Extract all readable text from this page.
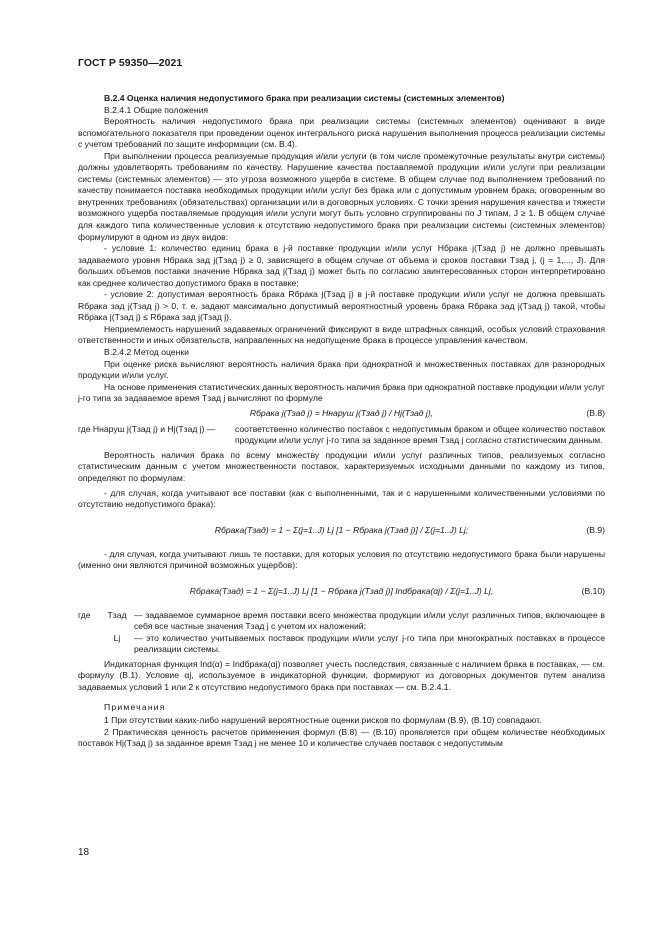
ГОСТ Р 59350—2021

В.2.4 Оценка наличия недопустимого брака при реализации системы (системных элементов)

В.2.4.1 Общие положения

Вероятность наличия недопустимого брака при реализации системы (системных элементов) оценивают в виде вспомогательного показателя при проведении оценок интегрального риска нарушения выполнения процесса реализации системы с учетом требований по защите информации (см. В.4).

При выполнении процесса реализуемые продукция и/или услуги (в том числе промежуточные результаты внутри системы) должны удовлетворять требованиям по качеству. Нарушение качества поставляемой продукции и/или услуги при реализации системы (системных элементов) — это угроза возможного ущерба в системе. В общем случае под выполнением требований по качеству понимается поставка необходимых продукции и/или услуг без брака или с допустимым уровнем брака, оговоренным во внутренних требованиях (обязательствах) организации или в договорных условиях. С точки зрения нарушения качества и тяжести возможного ущерба поставляемые продукция и/или услуги могут быть условно сгруппированы по J типам, J ≥ 1. В общем случае для каждого типа количественные условия к отсутствию недопустимого брака при реализации системы (системных элементов) формулируют в одном из двух видов:

- условие 1: количество единиц брака в j-й поставке продукции и/или услуг Hбрака j(Tзад j) не должно превышать задаваемого уровня Hбрака зад j(Tзад j) ≥ 0, зависящего в общем случае от объема и сроков поставки Tзад j, (j = 1,..., J). Для больших объемов поставки значение Hбрака зад j(Tзад j) может быть по согласию заинтересованных сторон интерпретировано как среднее количество допустимого брака в поставке;

- условие 2: допустимая вероятность брака Rбрака j(Tзад j) в j-й поставке продукции и/или услуг не должна превышать Rбрака зад j(Tзад j) > 0, т. е. задают максимально допустимый вероятностный уровень брака Rбрака зад j(Tзад j) такой, чтобы Rбрака j(Tзад j) ≤ Rбрака зад j(Tзад j).

Неприемлемость нарушений задаваемых ограничений фиксируют в виде штрафных санкций, особых условий страхования ответственности и иных обязательств, направленных на недопущение брака в процессе управления качеством.

В.2.4.2 Метод оценки

При оценке риска вычисляют вероятность наличия брака при однократной и множественных поставках для разнородных продукции и/или услуг.

На основе применения статистических данных вероятность наличия брака при однократной поставке продукции и/или услуг j-го типа за задаваемое время Tзад j вычисляют по формуле

Rбрака j(Tзад j) = Hнаруш j(Tзад j) / Hj(Tзад j),	(В.8)
где Hнаруш j(Tзад j) и Hj(Tзад j) —	соответственно количество поставок с недопустимым браком и общее количество поставок продукции и/или услуг j-го типа за заданное время Tзад j согласно статистическим данным.

Вероятность наличия брака по всему множеству продукции и/или услуг различных типов, реализуемых согласно статистическим данным с учетом множественности поставок, характеризуемых исходными данными по каждому из типов, определяют по формулам:

- для случая, когда учитывают все поставки (как с выполненными, так и с нарушенными количественными условиями по отсутствию недопустимого брака):

Rбрака(Tзад) = 1 − Σ(j=1..J) Lj [1 − Rбрака j(Tзад j)] / Σ(j=1..J) Lj;	(В.9)

- для случая, когда учитывают лишь те поставки, для которых условия по отсутствию недопустимого брака были нарушены (именно они являются причиной возможных ущербов):

Rбрака(Tзад) = 1 − Σ(j=1..J) Lj [1 − Rбрака j(Tзад j)] Indбрака(αj) / Σ(j=1..J) Lj,	(В.10)
где	Tзад — задаваемое суммарное время поставки всего множества продукции и/или услуг различных типов, включающее в себя все частные значения Tзад j с учетом их наложений;
Lj	— это количество учитываемых поставок продукции и/или услуг j-го типа при многократных поставках в процессе реализации системы.

Индикаторная функция Ind(α) = Indбрака(αj) позволяет учесть последствия, связанные с наличием брака в поставках, — см. формулу (В.1). Условие αj, используемое в индикаторной функции, формируют из договорных документов путем анализа задаваемых условий 1 или 2 к отсутствию недопустимого брака при поставках — см. В.2.4.1.

Примечания

1 При отсутствии каких-либо нарушений вероятностные оценки рисков по формулам (В.9), (В.10) совпадают.

2 Практическая ценность расчетов применения формул (В.8) — (В.10) проявляется при общем количестве необходимых поставок Hj(Tзад j) за заданное время Tзад j не менее 10 и количестве случаев поставок с недопустимым

18
